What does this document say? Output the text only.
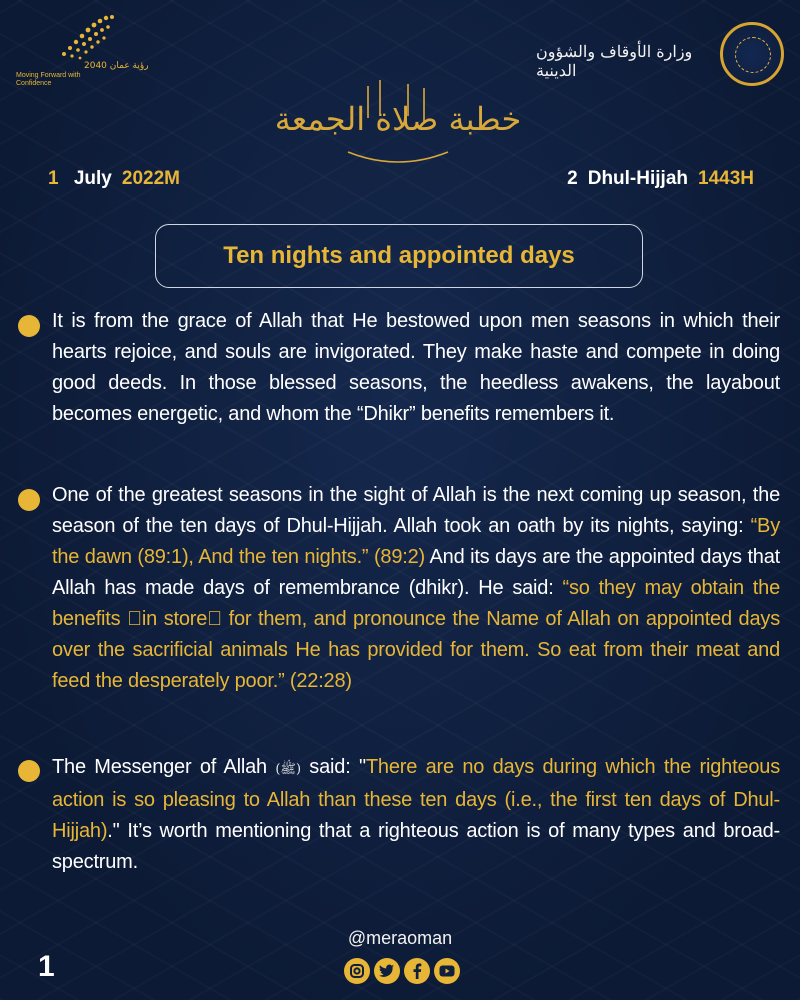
رؤية عمان 2040
Moving Forward with Confidence
وزارة الأوقاف والشؤون الدينية
خطبة صلاة الجمعة
1 July 2022M	2 Dhul-Hijjah 1443H
Ten nights and appointed days
It is from the grace of Allah that He bestowed upon men seasons in which their hearts rejoice, and souls are invigorated. They make haste and compete in doing good deeds. In those blessed seasons, the heedless awakens, the layabout becomes energetic, and whom the “Dhikr” benefits remembers it.
One of the greatest seasons in the sight of Allah is the next coming up season, the season of the ten days of Dhul-Hijjah. Allah took an oath by its nights, saying: “By the dawn (89:1), And the ten nights.” (89:2) And its days are the appointed days that Allah has made days of remembrance (dhikr). He said: “so they may obtain the benefits  in store  for them, and pronounce the Name of Allah on appointed days over the sacrificial animals He has provided for them. So eat from their meat and feed the desperately poor.” (22:28)
The Messenger of Allah (ﷺ) said: "There are no days during which the righteous action is so pleasing to Allah than these ten days (i.e., the first ten days of Dhul-Hijjah)." It’s worth mentioning that a righteous action is of many types and broad-spectrum.
1
@meraoman
